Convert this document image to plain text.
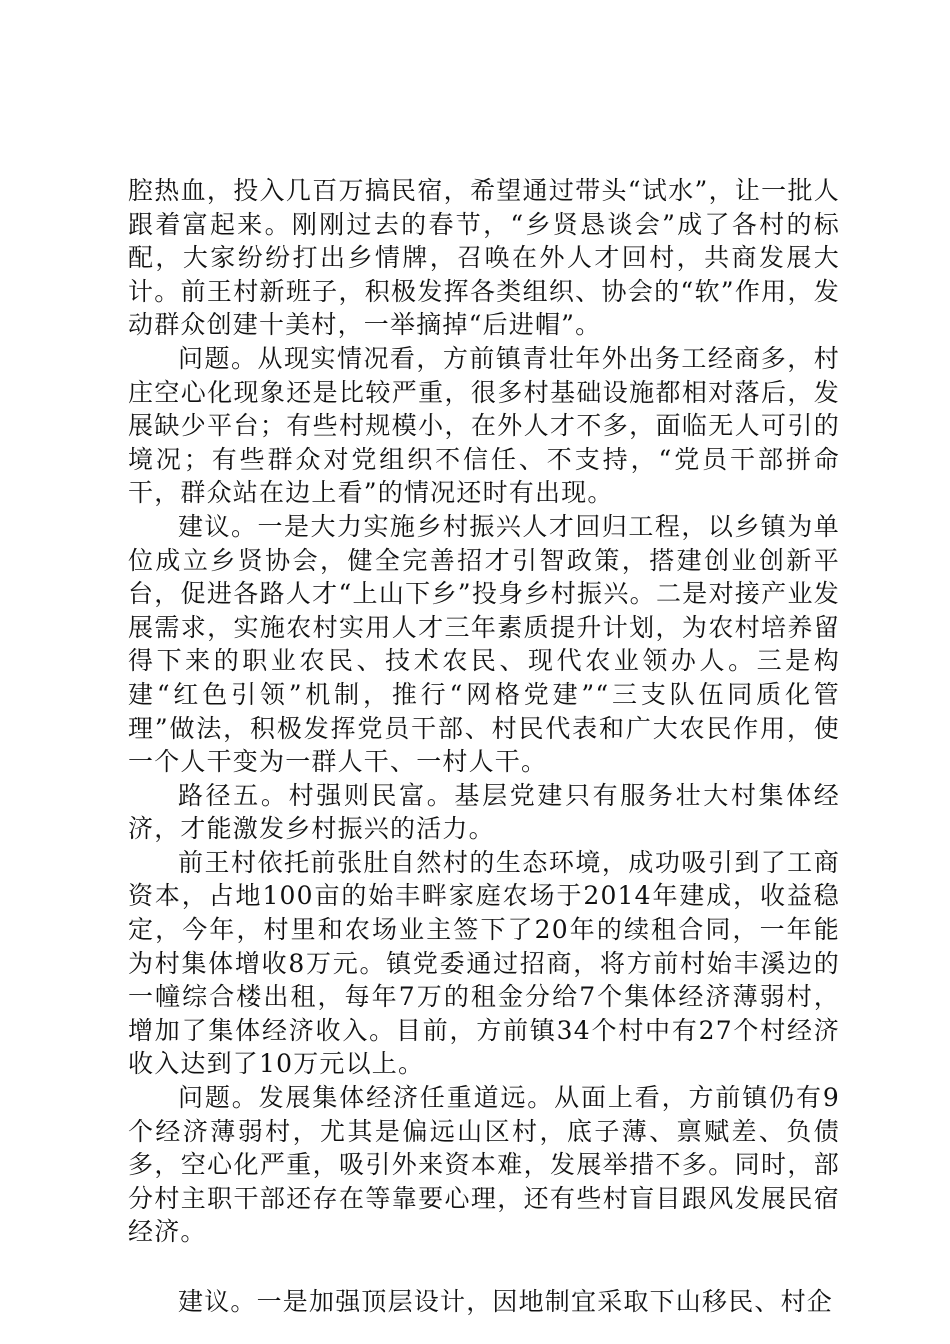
腔热血，投入几百万搞民宿，希望通过带头“试水”，让一批人跟着富起来。刚刚过去的春节，“乡贤恳谈会”成了各村的标配，大家纷纷打出乡情牌，召唤在外人才回村，共商发展大计。前王村新班子，积极发挥各类组织、协会的“软”作用，发动群众创建十美村，一举摘掉“后进帽”。

问题。从现实情况看，方前镇青壮年外出务工经商多，村庄空心化现象还是比较严重，很多村基础设施都相对落后，发展缺少平台；有些村规模小，在外人才不多，面临无人可引的境况；有些群众对党组织不信任、不支持，“党员干部拼命干，群众站在边上看”的情况还时有出现。

建议。一是大力实施乡村振兴人才回归工程，以乡镇为单位成立乡贤协会，健全完善招才引智政策，搭建创业创新平台，促进各路人才“上山下乡”投身乡村振兴。二是对接产业发展需求，实施农村实用人才三年素质提升计划，为农村培养留得下来的职业农民、技术农民、现代农业领办人。三是构建“红色引领”机制，推行“网格党建”“三支队伍同质化管理”做法，积极发挥党员干部、村民代表和广大农民作用，使一个人干变为一群人干、一村人干。

路径五。村强则民富。基层党建只有服务壮大村集体经济，才能激发乡村振兴的活力。

前王村依托前张肚自然村的生态环境，成功吸引到了工商资本，占地100亩的始丰畔家庭农场于2014年建成，收益稳定，今年，村里和农场业主签下了20年的续租合同，一年能为村集体增收8万元。镇党委通过招商，将方前村始丰溪边的一幢综合楼出租，每年7万的租金分给7个集体经济薄弱村，增加了集体经济收入。目前，方前镇34个村中有27个村经济收入达到了10万元以上。

问题。发展集体经济任重道远。从面上看，方前镇仍有9个经济薄弱村，尤其是偏远山区村，底子薄、禀赋差、负债多，空心化严重，吸引外来资本难，发展举措不多。同时，部分村主职干部还存在等靠要心理，还有些村盲目跟风发展民宿经济。

建议。一是加强顶层设计，因地制宜采取下山移民、村企
